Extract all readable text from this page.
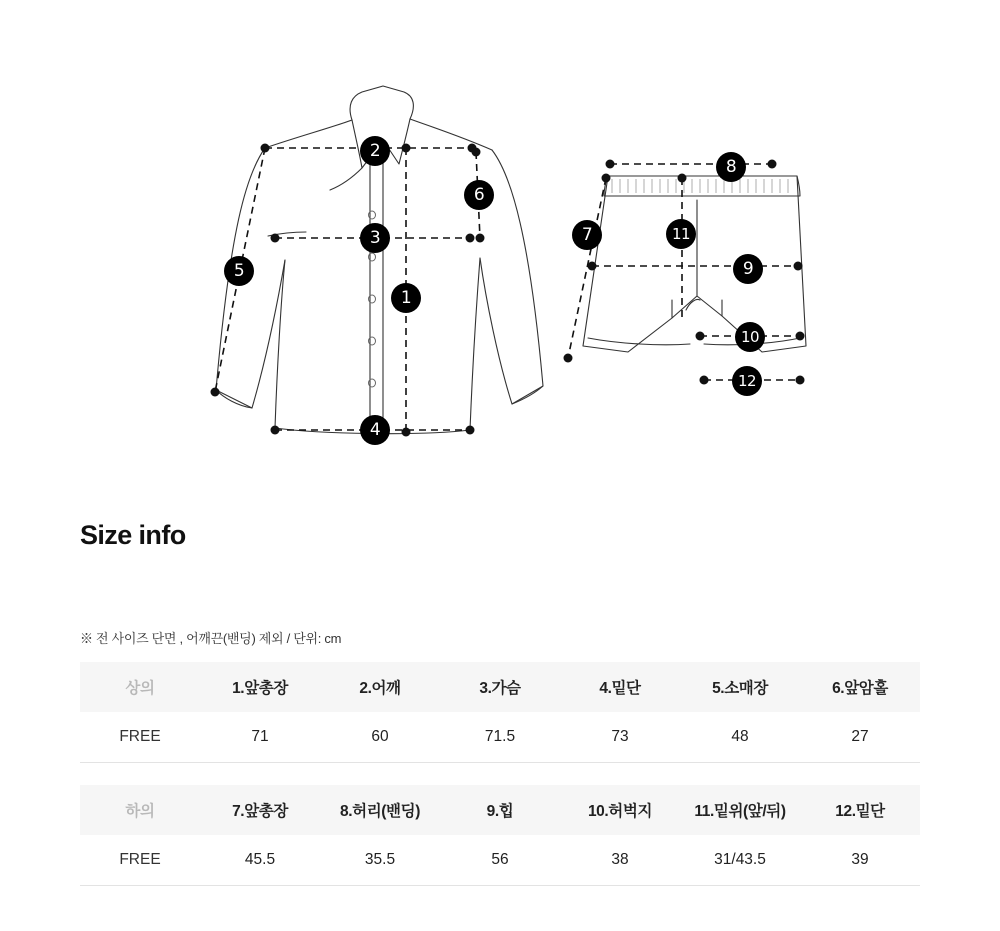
1
2
3
4
5
6
7
8
9
10
11
12
Size info
※ 전 사이즈 단면 , 어깨끈(밴딩) 제외 / 단위: cm
상의	1.앞총장	2.어깨	3.가슴	4.밑단	5.소매장	6.앞암홀
FREE	71	60	71.5	73	48	27
하의	7.앞총장	8.허리(밴딩)	9.힙	10.허벅지	11.밑위(앞/뒤)	12.밑단
FREE	45.5	35.5	56	38	31/43.5	39
